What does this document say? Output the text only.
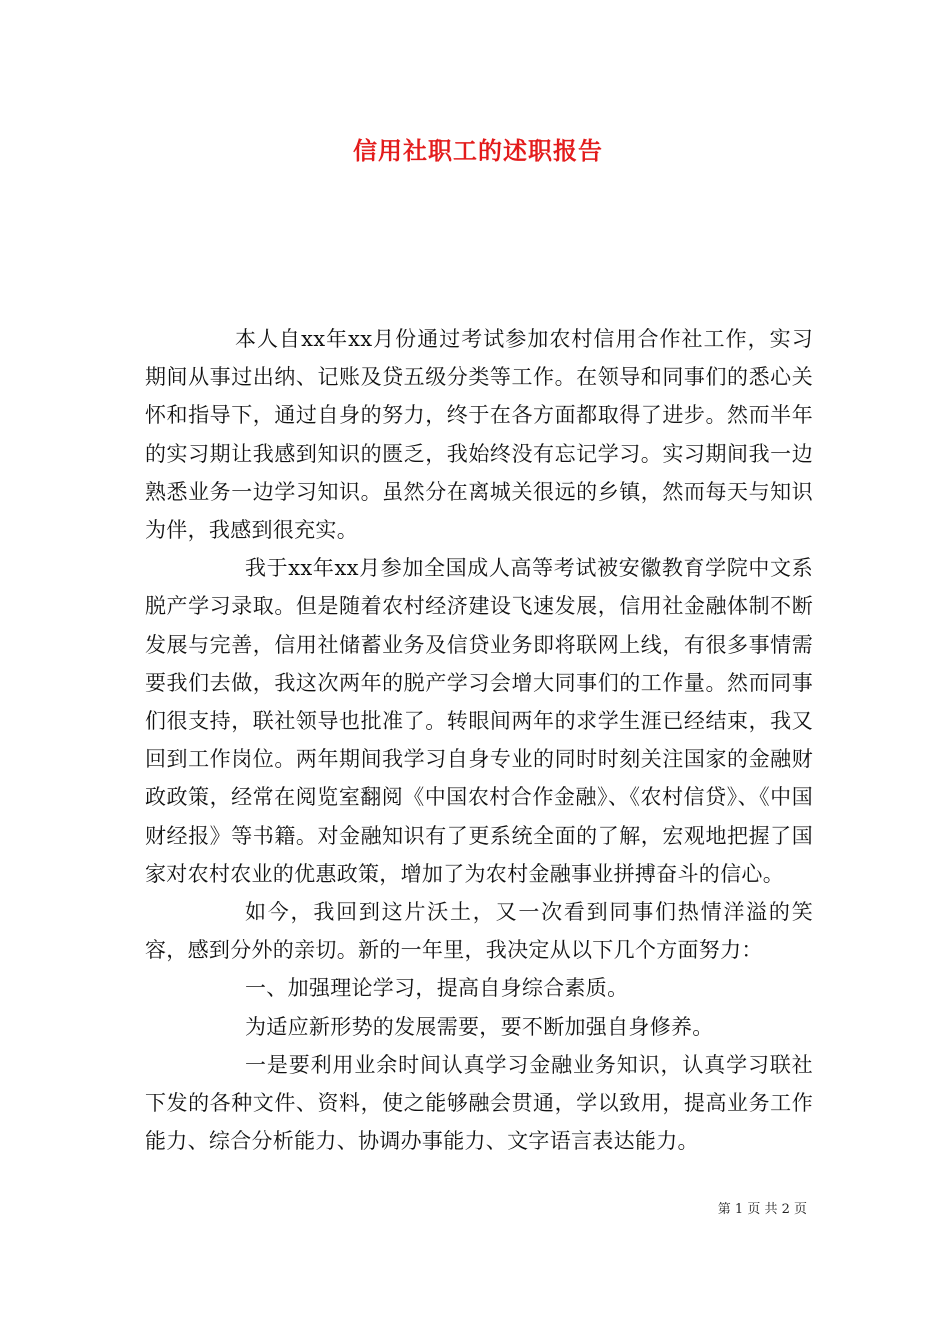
信用社职工的述职报告

本人自xx年xx月份通过考试参加农村信用合作社工作，实习期间从事过出纳、记账及贷五级分类等工作。在领导和同事们的悉心关怀和指导下，通过自身的努力，终于在各方面都取得了进步。然而半年的实习期让我感到知识的匮乏，我始终没有忘记学习。实习期间我一边熟悉业务一边学习知识。虽然分在离城关很远的乡镇，然而每天与知识为伴，我感到很充实。

我于xx年xx月参加全国成人高等考试被安徽教育学院中文系脱产学习录取。但是随着农村经济建设飞速发展，信用社金融体制不断发展与完善，信用社储蓄业务及信贷业务即将联网上线，有很多事情需要我们去做，我这次两年的脱产学习会增大同事们的工作量。然而同事们很支持，联社领导也批准了。转眼间两年的求学生涯已经结束，我又回到工作岗位。两年期间我学习自身专业的同时时刻关注国家的金融财政政策，经常在阅览室翻阅《中国农村合作金融》、《农村信贷》、《中国财经报》等书籍。对金融知识有了更系统全面的了解，宏观地把握了国家对农村农业的优惠政策，增加了为农村金融事业拼搏奋斗的信心。

如今，我回到这片沃土，又一次看到同事们热情洋溢的笑容，感到分外的亲切。新的一年里，我决定从以下几个方面努力：

一、加强理论学习，提高自身综合素质。

为适应新形势的发展需要，要不断加强自身修养。

一是要利用业余时间认真学习金融业务知识，认真学习联社下发的各种文件、资料，使之能够融会贯通，学以致用，提高业务工作能力、综合分析能力、协调办事能力、文字语言表达能力。

第 1 页 共 2 页
